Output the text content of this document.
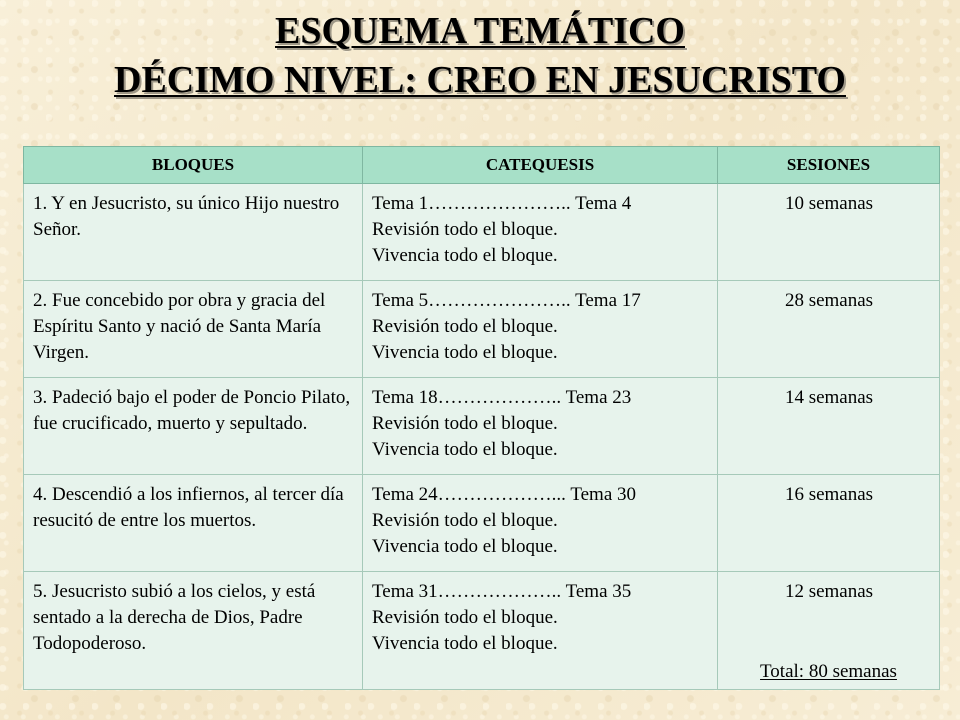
ESQUEMA TEMÁTICO
DÉCIMO NIVEL: CREO EN JESUCRISTO
BLOQUES	CATEQUESIS	SESIONES
1. Y en Jesucristo, su único Hijo nuestro Señor.	Tema 1………………….. Tema 4
Revisión todo el bloque.
Vivencia todo el bloque.	10 semanas
2. Fue concebido por obra y gracia del Espíritu Santo y nació de Santa María Virgen.	Tema 5………………….. Tema 17
Revisión todo el bloque.
Vivencia todo el bloque.	28 semanas
3. Padeció bajo el poder de Poncio Pilato, fue crucificado, muerto y sepultado.	Tema 18……………….. Tema 23
Revisión todo el bloque.
Vivencia todo el bloque.	14 semanas
4. Descendió a los infiernos, al tercer día resucitó de entre los muertos.	Tema 24………………... Tema 30
Revisión todo el bloque.
Vivencia todo el bloque.	16 semanas
5. Jesucristo subió a los cielos, y está sentado a la derecha de Dios, Padre Todopoderoso.	Tema 31……………….. Tema 35
Revisión todo el bloque.
Vivencia todo el bloque.	12 semanas
Total: 80 semanas
